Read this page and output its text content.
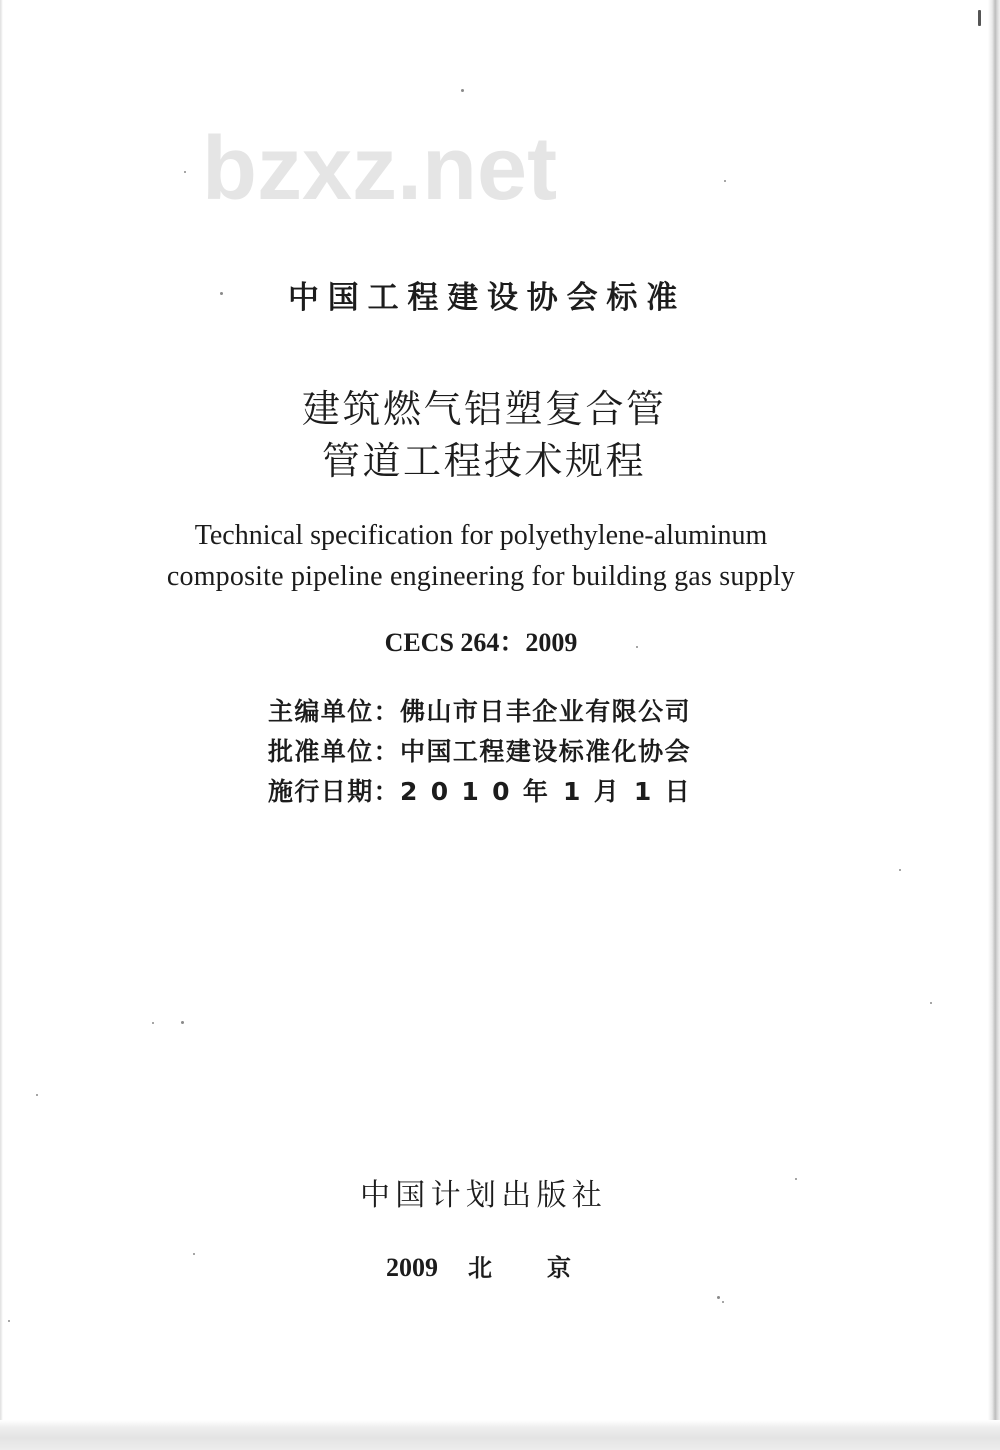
bzxz.net
中国工程建设协会标准
建筑燃气铝塑复合管
管道工程技术规程
Technical specification for polyethylene-aluminum
composite pipeline engineering for building gas supply
CECS 264：2009
主编单位： 佛山市日丰企业有限公司
批准单位： 中国工程建设标准化协会
施行日期： 2 0 1 0 年 1 月 1 日
中国计划出版社
2009 北京
